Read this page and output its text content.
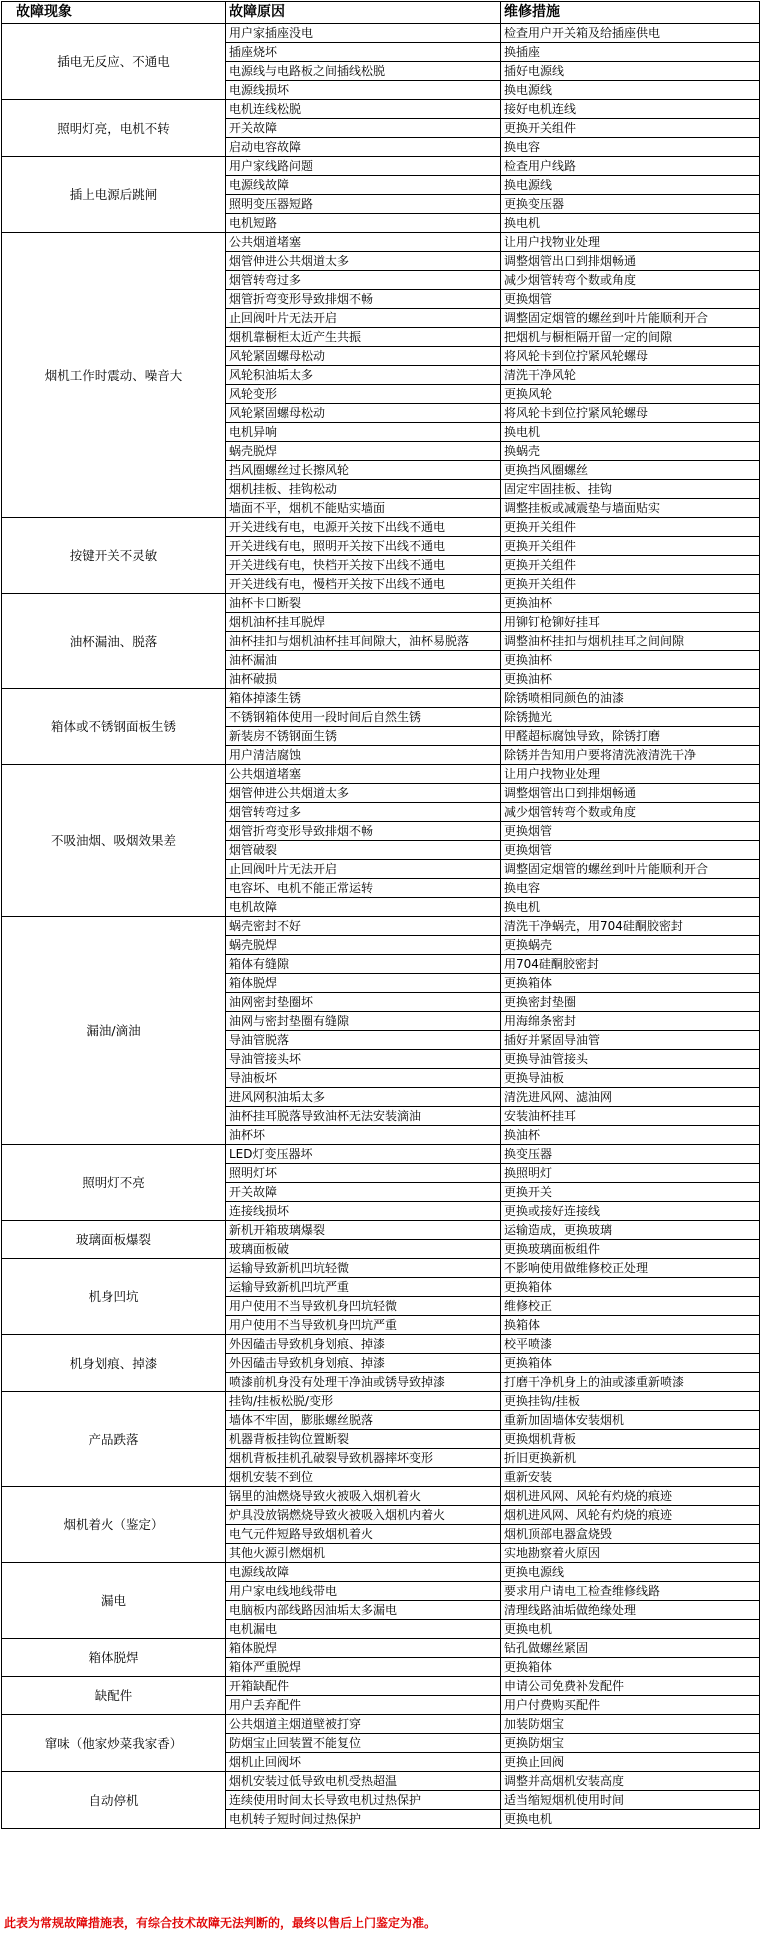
故障现象	故障原因	维修措施
插电无反应、不通电	用户家插座没电	检查用户开关箱及给插座供电
	插座烧坏	换插座
	电源线与电路板之间插线松脱	插好电源线
	电源线损坏	换电源线
照明灯亮，电机不转	电机连线松脱	接好电机连线
	开关故障	更换开关组件
	启动电容故障	换电容
插上电源后跳闸	用户家线路问题	检查用户线路
	电源线故障	换电源线
	照明变压器短路	更换变压器
	电机短路	换电机
烟机工作时震动、噪音大	公共烟道堵塞	让用户找物业处理
	烟管伸进公共烟道太多	调整烟管出口到排烟畅通
	烟管转弯过多	减少烟管转弯个数或角度
	烟管折弯变形导致排烟不畅	更换烟管
	止回阀叶片无法开启	调整固定烟管的螺丝到叶片能顺利开合
	烟机靠橱柜太近产生共振	把烟机与橱柜隔开留一定的间隙
	风轮紧固螺母松动	将风轮卡到位拧紧风轮螺母
	风轮积油垢太多	清洗干净风轮
	风轮变形	更换风轮
	风轮紧固螺母松动	将风轮卡到位拧紧风轮螺母
	电机异响	换电机
	蜗壳脱焊	换蜗壳
	挡风圈螺丝过长擦风轮	更换挡风圈螺丝
	烟机挂板、挂钩松动	固定牢固挂板、挂钩
	墙面不平，烟机不能贴实墙面	调整挂板或减震垫与墙面贴实
按键开关不灵敏	开关进线有电，电源开关按下出线不通电	更换开关组件
	开关进线有电，照明开关按下出线不通电	更换开关组件
	开关进线有电，快档开关按下出线不通电	更换开关组件
	开关进线有电，慢档开关按下出线不通电	更换开关组件
油杯漏油、脱落	油杯卡口断裂	更换油杯
	烟机油杯挂耳脱焊	用铆钉枪铆好挂耳
	油杯挂扣与烟机油杯挂耳间隙大，油杯易脱落	调整油杯挂扣与烟机挂耳之间间隙
	油杯漏油	更换油杯
	油杯破损	更换油杯
箱体或不锈钢面板生锈	箱体掉漆生锈	除锈喷相同颜色的油漆
	不锈钢箱体使用一段时间后自然生锈	除锈抛光
	新装房不锈钢面生锈	甲醛超标腐蚀导致，除锈打磨
	用户清洁腐蚀	除锈并告知用户要将清洗液清洗干净
不吸油烟、吸烟效果差	公共烟道堵塞	让用户找物业处理
	烟管伸进公共烟道太多	调整烟管出口到排烟畅通
	烟管转弯过多	减少烟管转弯个数或角度
	烟管折弯变形导致排烟不畅	更换烟管
	烟管破裂	更换烟管
	止回阀叶片无法开启	调整固定烟管的螺丝到叶片能顺利开合
	电容坏、电机不能正常运转	换电容
	电机故障	换电机
漏油/滴油	蜗壳密封不好	清洗干净蜗壳，用704硅酮胶密封
	蜗壳脱焊	更换蜗壳
	箱体有缝隙	用704硅酮胶密封
	箱体脱焊	更换箱体
	油网密封垫圈坏	更换密封垫圈
	油网与密封垫圈有缝隙	用海绵条密封
	导油管脱落	插好并紧固导油管
	导油管接头坏	更换导油管接头
	导油板坏	更换导油板
	进风网积油垢太多	清洗进风网、滤油网
	油杯挂耳脱落导致油杯无法安装滴油	安装油杯挂耳
	油杯坏	换油杯
照明灯不亮	LED灯变压器坏	换变压器
	照明灯坏	换照明灯
	开关故障	更换开关
	连接线损坏	更换或接好连接线
玻璃面板爆裂	新机开箱玻璃爆裂	运输造成，更换玻璃
	玻璃面板破	更换玻璃面板组件
机身凹坑	运输导致新机凹坑轻微	不影响使用做维修校正处理
	运输导致新机凹坑严重	更换箱体
	用户使用不当导致机身凹坑轻微	维修校正
	用户使用不当导致机身凹坑严重	换箱体
机身划痕、掉漆	外因磕击导致机身划痕、掉漆	校平喷漆
	外因磕击导致机身划痕、掉漆	更换箱体
	喷漆前机身没有处理干净油或锈导致掉漆	打磨干净机身上的油或漆重新喷漆
产品跌落	挂钩/挂板松脱/变形	更换挂钩/挂板
	墙体不牢固，膨胀螺丝脱落	重新加固墙体安装烟机
	机器背板挂钩位置断裂	更换烟机背板
	烟机背板挂机孔破裂导致机器摔坏变形	折旧更换新机
	烟机安装不到位	重新安装
烟机着火（鉴定）	锅里的油燃烧导致火被吸入烟机着火	烟机进风网、风轮有灼烧的痕迹
	炉具没放锅燃烧导致火被吸入烟机内着火	烟机进风网、风轮有灼烧的痕迹
	电气元件短路导致烟机着火	烟机顶部电器盒烧毁
	其他火源引燃烟机	实地勘察着火原因
漏电	电源线故障	更换电源线
	用户家电线地线带电	要求用户请电工检查维修线路
	电脑板内部线路因油垢太多漏电	清理线路油垢做绝缘处理
	电机漏电	更换电机
箱体脱焊	箱体脱焊	钻孔做螺丝紧固
	箱体严重脱焊	更换箱体
缺配件	开箱缺配件	申请公司免费补发配件
	用户丢弃配件	用户付费购买配件
窜味（他家炒菜我家香）	公共烟道主烟道壁被打穿	加装防烟宝
	防烟宝止回装置不能复位	更换防烟宝
	烟机止回阀坏	更换止回阀
自动停机	烟机安装过低导致电机受热超温	调整并高烟机安装高度
	连续使用时间太长导致电机过热保护	适当缩短烟机使用时间
	电机转子短时间过热保护	更换电机
此表为常规故障措施表，有综合技术故障无法判断的，最终以售后上门鉴定为准。
